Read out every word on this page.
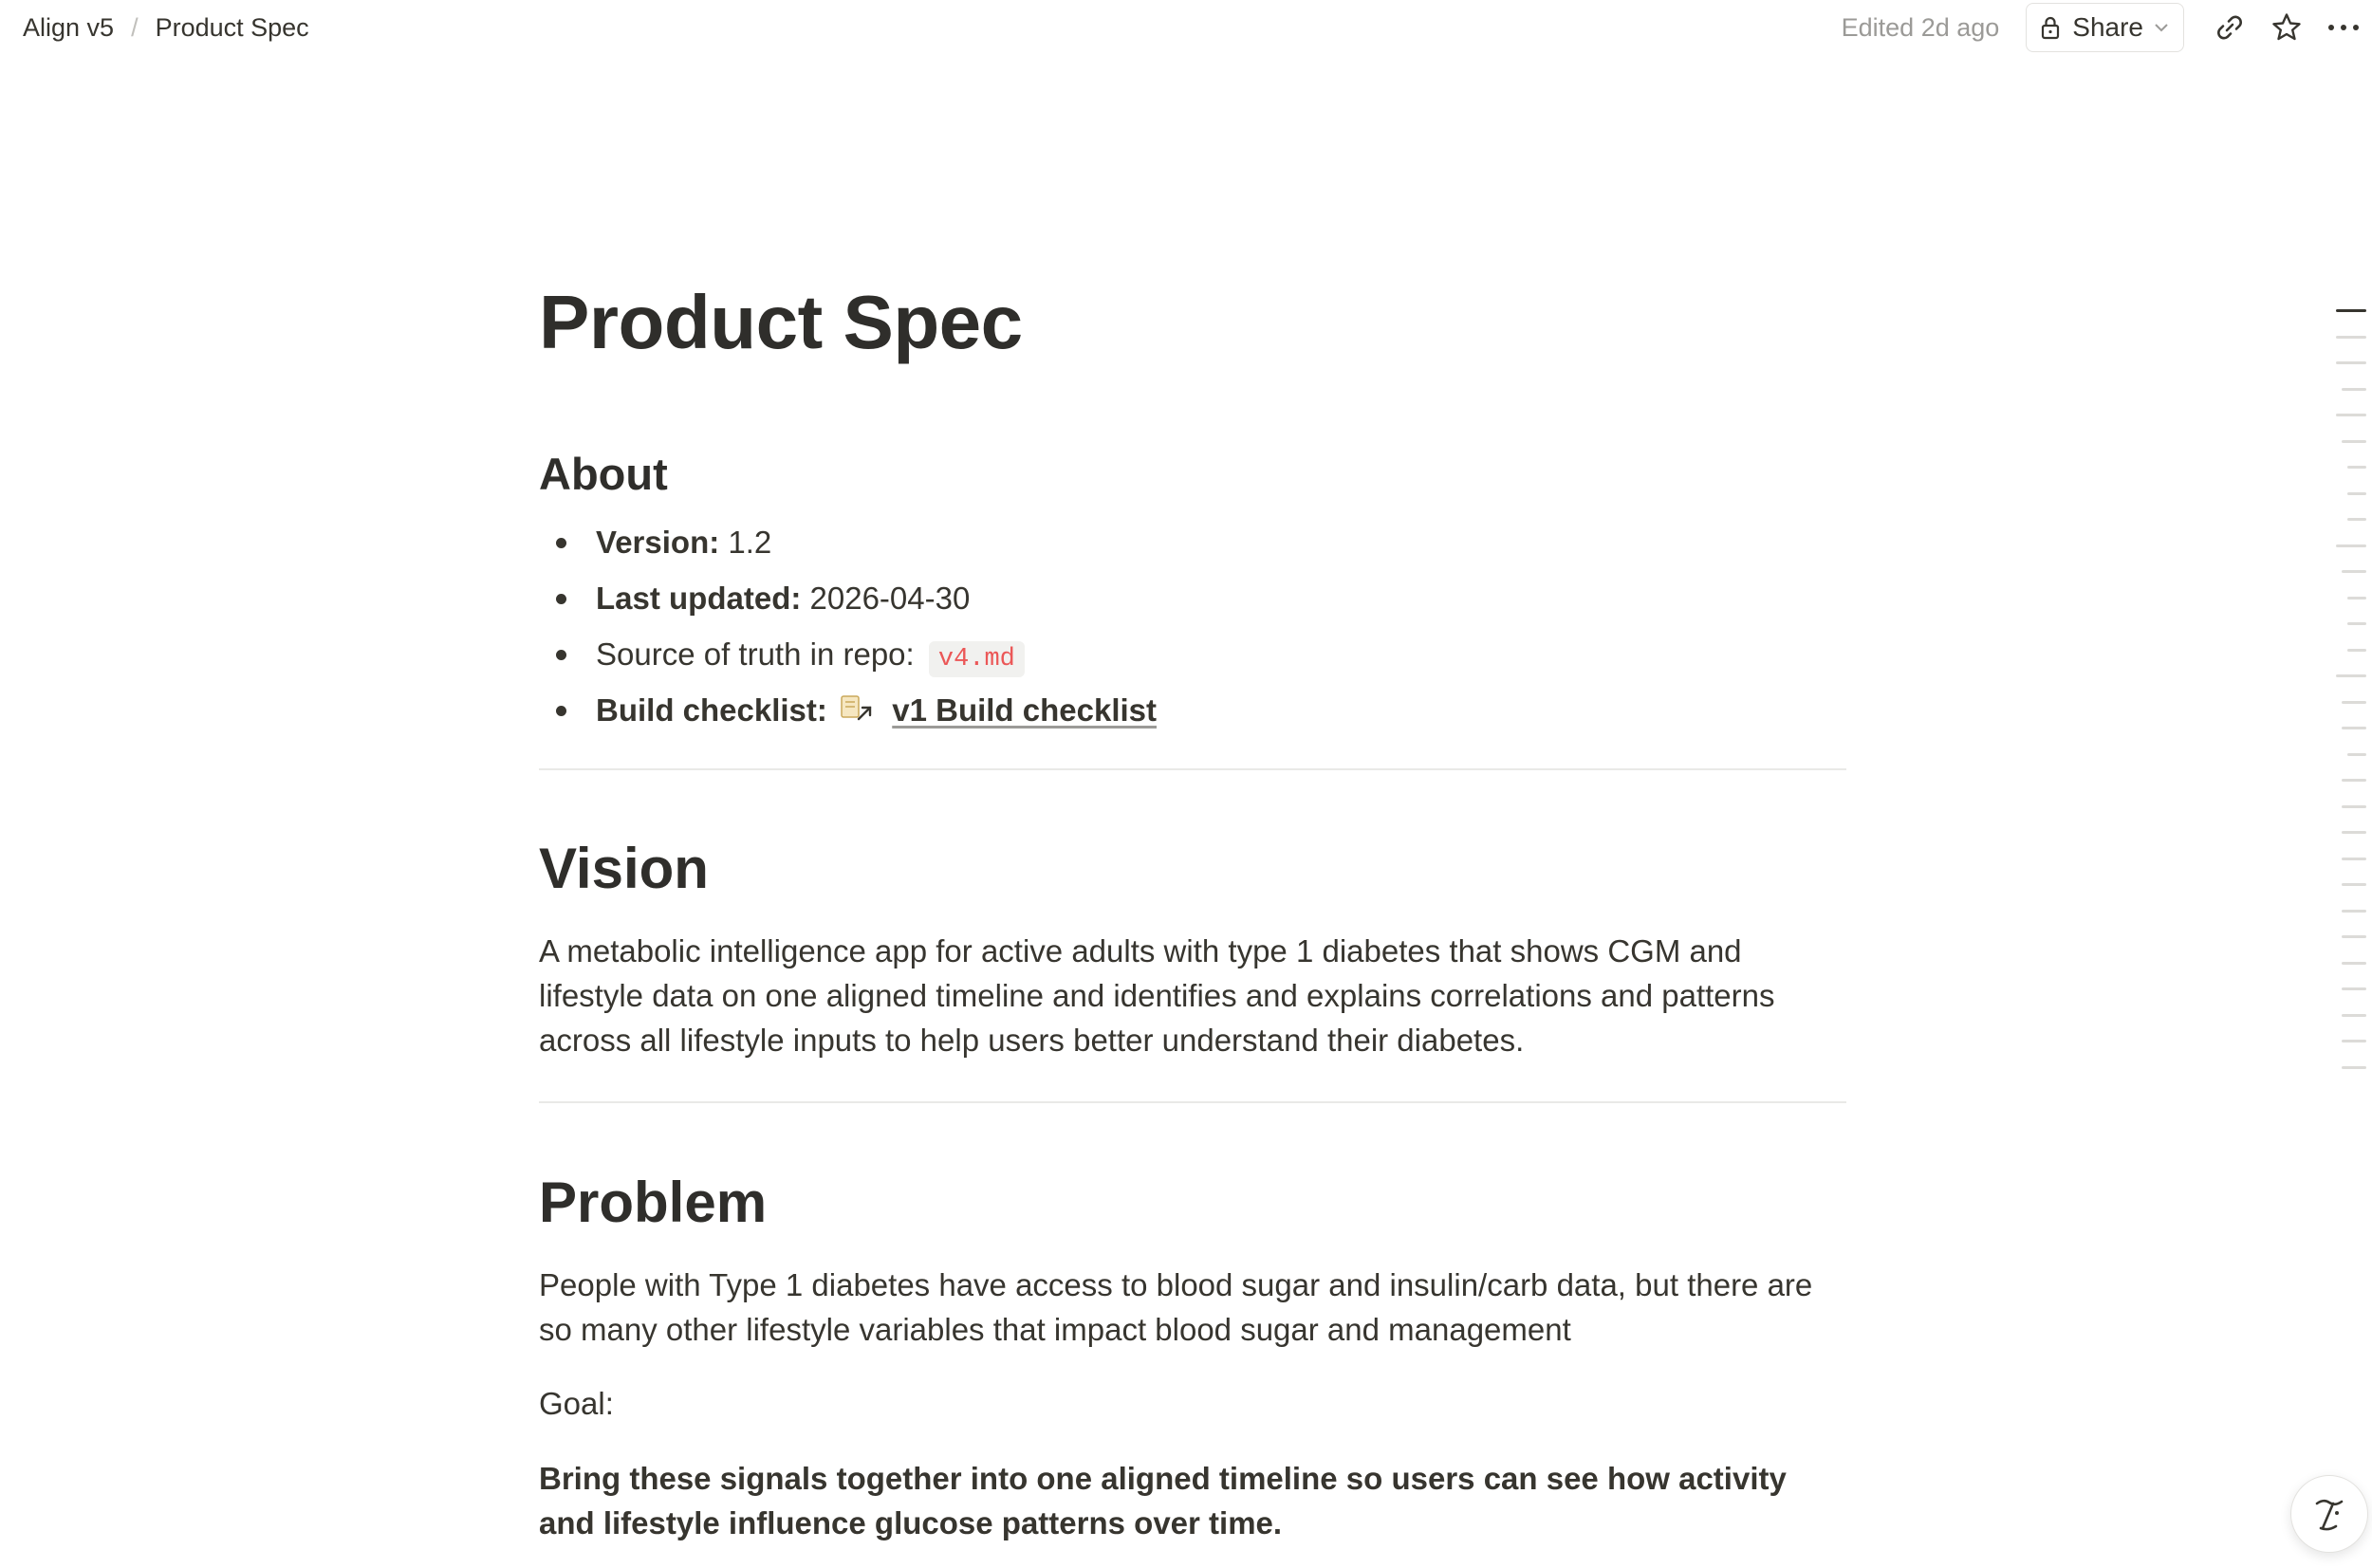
Align v5 / Product Spec	Edited 2d ago	Share
Product Spec
About
Version: 1.2
Last updated: 2026-04-30
Source of truth in repo: v4.md
Build checklist: v1 Build checklist
Vision

A metabolic intelligence app for active adults with type 1 diabetes that shows CGM and lifestyle data on one aligned timeline and identifies and explains correlations and patterns across all lifestyle inputs to help users better understand their diabetes.

Problem

People with Type 1 diabetes have access to blood sugar and insulin/carb data, but there are so many other lifestyle variables that impact blood sugar and management

Goal:

Bring these signals together into one aligned timeline so users can see how activity and lifestyle influence glucose patterns over time.
